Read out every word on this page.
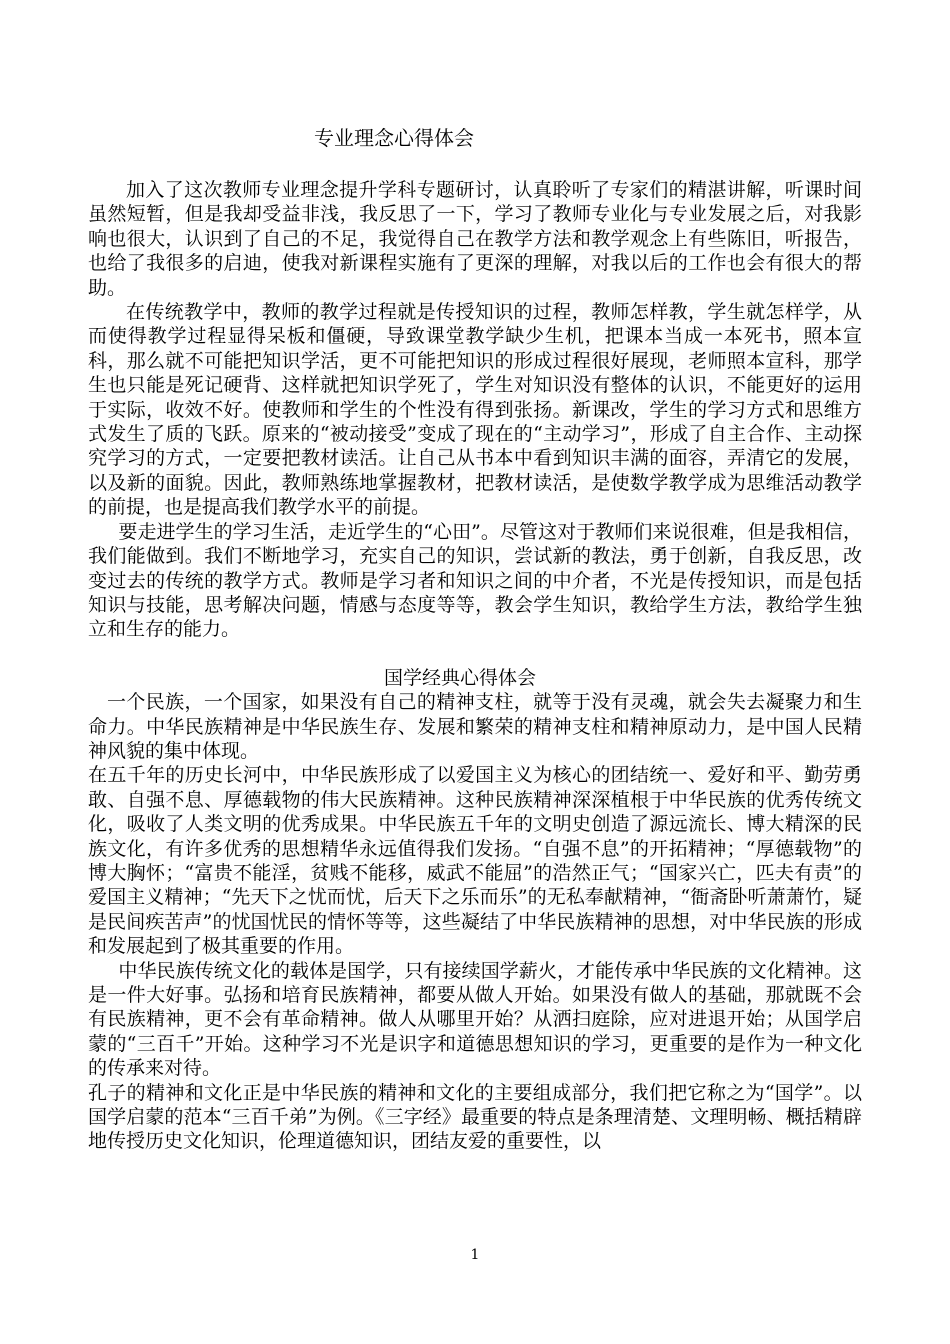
专业理念心得体会

加入了这次教师专业理念提升学科专题研讨，认真聆听了专家们的精湛讲解，听课时间虽然短暂，但是我却受益非浅，我反思了一下，学习了教师专业化与专业发展之后，对我影响也很大，认识到了自己的不足，我觉得自己在教学方法和教学观念上有些陈旧，听报告，也给了我很多的启迪，使我对新课程实施有了更深的理解，对我以后的工作也会有很大的帮助。

在传统教学中，教师的教学过程就是传授知识的过程，教师怎样教，学生就怎样学，从而使得教学过程显得呆板和僵硬，导致课堂教学缺少生机，把课本当成一本死书，照本宣科，那么就不可能把知识学活，更不可能把知识的形成过程很好展现，老师照本宣科，那学生也只能是死记硬背、这样就把知识学死了，学生对知识没有整体的认识，不能更好的运用于实际，收效不好。使教师和学生的个性没有得到张扬。新课改，学生的学习方式和思维方式发生了质的飞跃。原来的“被动接受”变成了现在的“主动学习”，形成了自主合作、主动探究学习的方式，一定要把教材读活。让自己从书本中看到知识丰满的面容，弄清它的发展，以及新的面貌。因此，教师熟练地掌握教材，把教材读活，是使数学教学成为思维活动教学的前提，也是提高我们教学水平的前提。

要走进学生的学习生活，走近学生的“心田”。尽管这对于教师们来说很难，但是我相信，我们能做到。我们不断地学习，充实自己的知识，尝试新的教法，勇于创新，自我反思，改变过去的传统的教学方式。教师是学习者和知识之间的中介者，不光是传授知识，而是包括知识与技能，思考解决问题，情感与态度等等，教会学生知识，教给学生方法，教给学生独立和生存的能力。

国学经典心得体会

一个民族，一个国家，如果没有自己的精神支柱，就等于没有灵魂，就会失去凝聚力和生命力。中华民族精神是中华民族生存、发展和繁荣的精神支柱和精神原动力，是中国人民精神风貌的集中体现。

在五千年的历史长河中，中华民族形成了以爱国主义为核心的团结统一、爱好和平、勤劳勇敢、自强不息、厚德载物的伟大民族精神。这种民族精神深深植根于中华民族的优秀传统文化，吸收了人类文明的优秀成果。中华民族五千年的文明史创造了源远流长、博大精深的民族文化，有许多优秀的思想精华永远值得我们发扬。“自强不息”的开拓精神；“厚德载物”的博大胸怀；“富贵不能淫，贫贱不能移，威武不能屈”的浩然正气；“国家兴亡，匹夫有责”的爱国主义精神；“先天下之忧而忧，后天下之乐而乐”的无私奉献精神，“衙斋卧听萧萧竹，疑是民间疾苦声”的忧国忧民的情怀等等，这些凝结了中华民族精神的思想，对中华民族的形成和发展起到了极其重要的作用。

中华民族传统文化的载体是国学，只有接续国学薪火，才能传承中华民族的文化精神。这是一件大好事。弘扬和培育民族精神，都要从做人开始。如果没有做人的基础，那就既不会有民族精神，更不会有革命精神。做人从哪里开始？从洒扫庭除，应对进退开始；从国学启蒙的“三百千”开始。这种学习不光是识字和道德思想知识的学习，更重要的是作为一种文化的传承来对待。

孔子的精神和文化正是中华民族的精神和文化的主要组成部分，我们把它称之为“国学”。以国学启蒙的范本“三百千弟”为例。《三字经》最重要的特点是条理清楚、文理明畅、概括精辟地传授历史文化知识，伦理道德知识，团结友爱的重要性，以

1
